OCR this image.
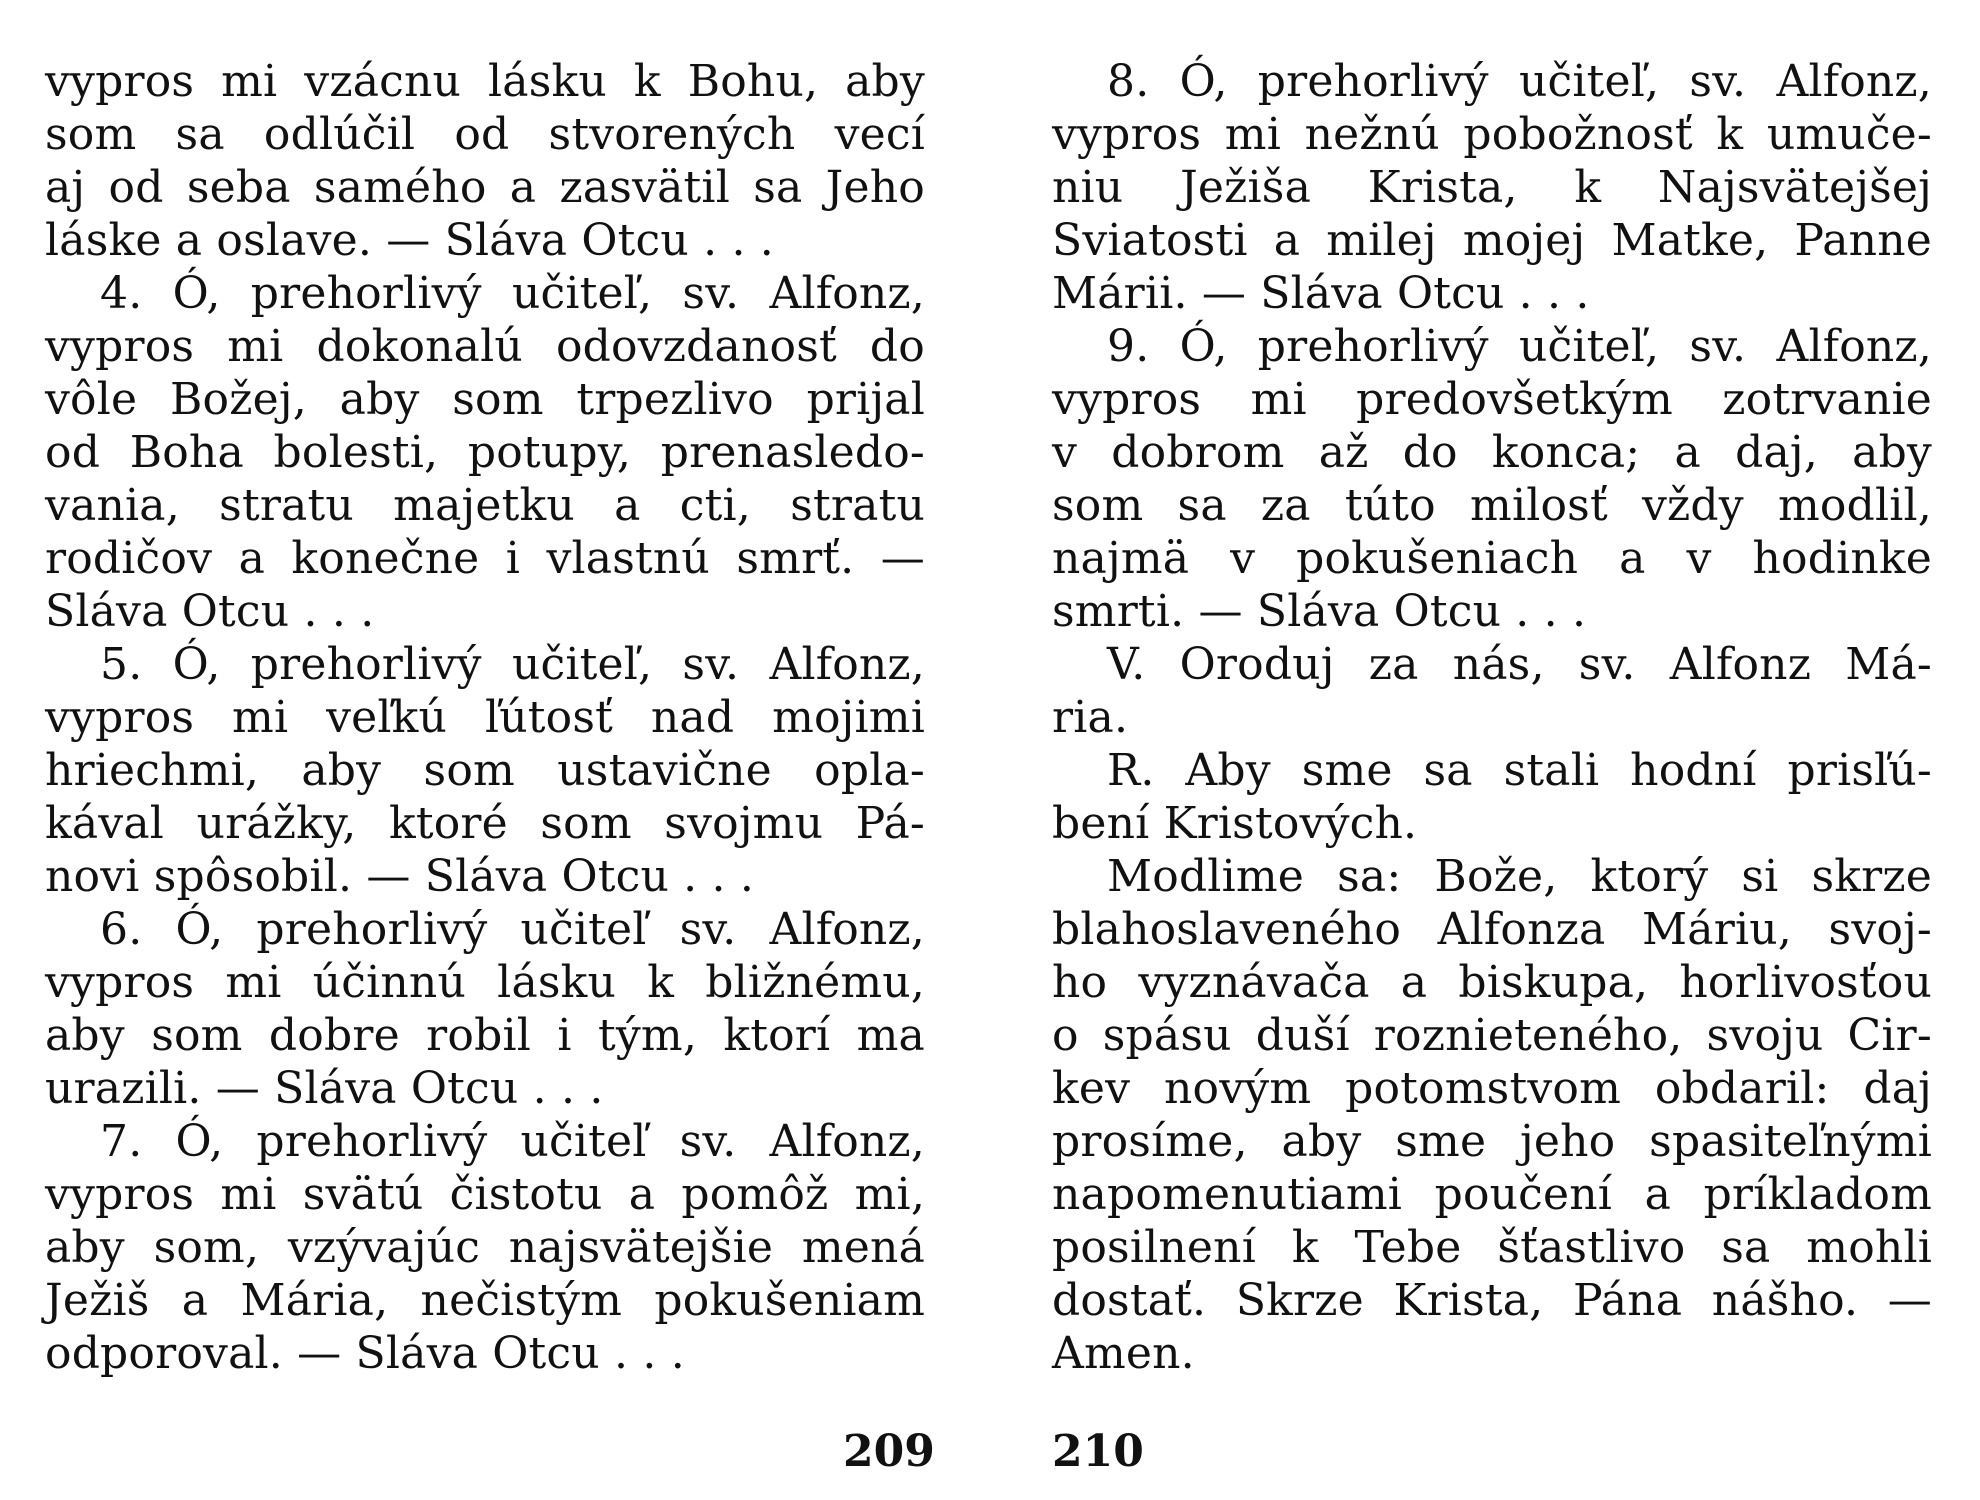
vypros mi vzácnu lásku k Bohu, aby
som sa odlúčil od stvorených vecí
aj od seba samého a zasvätil sa Jeho
láske a oslave. — Sláva Otcu . . .
4. Ó, prehorlivý učiteľ, sv. Alfonz,
vypros mi dokonalú odovzdanosť do
vôle Božej, aby som trpezlivo prijal
od Boha bolesti, potupy, prenasledo-
vania, stratu majetku a cti, stratu
rodičov a konečne i vlastnú smrť. —
Sláva Otcu . . .
5. Ó, prehorlivý učiteľ, sv. Alfonz,
vypros mi veľkú ľútosť nad mojimi
hriechmi, aby som ustavične opla-
kával urážky, ktoré som svojmu Pá-
novi spôsobil. — Sláva Otcu . . .
6. Ó, prehorlivý učiteľ sv. Alfonz,
vypros mi účinnú lásku k bližnému,
aby som dobre robil i tým, ktorí ma
urazili. — Sláva Otcu . . .
7. Ó, prehorlivý učiteľ sv. Alfonz,
vypros mi svätú čistotu a pomôž mi,
aby som, vzývajúc najsvätejšie mená
Ježiš a Mária, nečistým pokušeniam
odporoval. — Sláva Otcu . . .
8. Ó, prehorlivý učiteľ, sv. Alfonz,
vypros mi nežnú pobožnosť k umuče-
niu Ježiša Krista, k Najsvätejšej
Sviatosti a milej mojej Matke, Panne
Márii. — Sláva Otcu . . .
9. Ó, prehorlivý učiteľ, sv. Alfonz,
vypros mi predovšetkým zotrvanie
v dobrom až do konca; a daj, aby
som sa za túto milosť vždy modlil,
najmä v pokušeniach a v hodinke
smrti. — Sláva Otcu . . .
V. Oroduj za nás, sv. Alfonz Má-
ria.
R. Aby sme sa stali hodní prisľú-
bení Kristových.
Modlime sa: Bože, ktorý si skrze
blahoslaveného Alfonza Máriu, svoj-
ho vyznávača a biskupa, horlivosťou
o spásu duší roznieteného, svoju Cir-
kev novým potomstvom obdaril: daj
prosíme, aby sme jeho spasiteľnými
napomenutiami poučení a príkladom
posilnení k Tebe šťastlivo sa mohli
dostať. Skrze Krista, Pána nášho. —
Amen.
209	210
